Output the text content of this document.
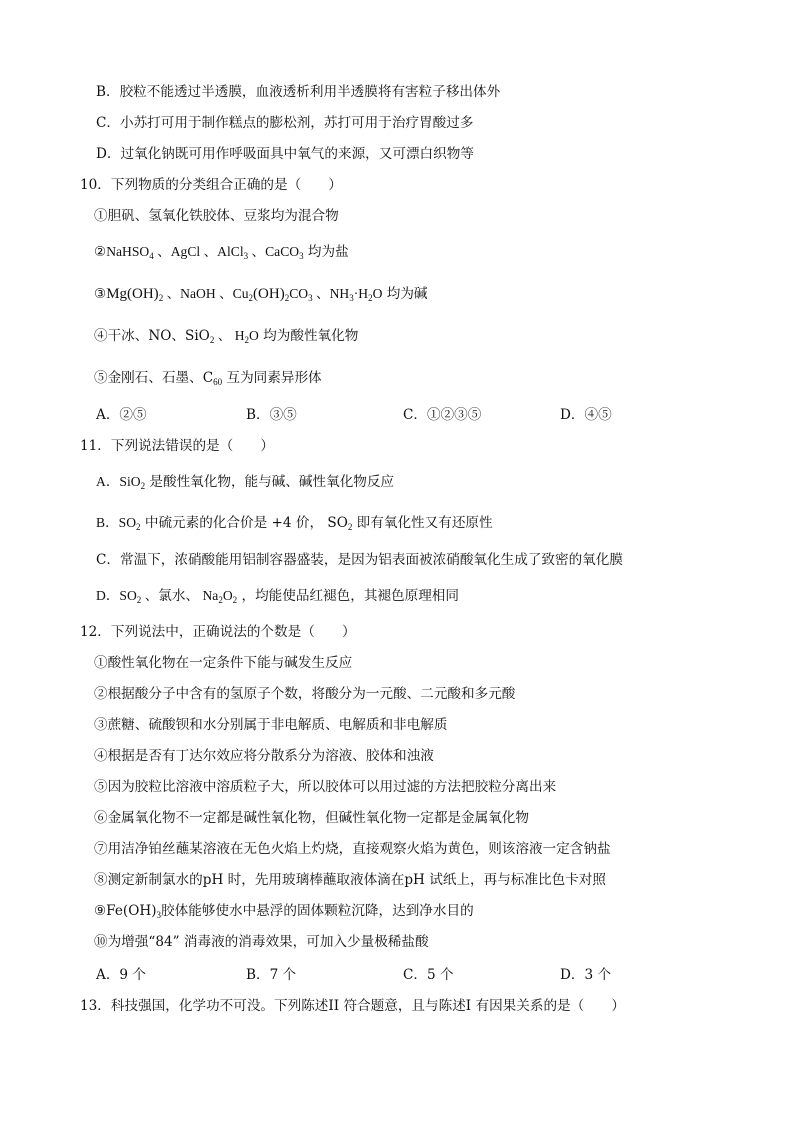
B．胶粒不能透过半透膜，血液透析利用半透膜将有害粒子移出体外
C．小苏打可用于制作糕点的膨松剂，苏打可用于治疗胃酸过多
D．过氧化钠既可用作呼吸面具中氧气的来源，又可漂白织物等
10．下列物质的分类组合正确的是（　　）
①胆矾、氢氧化铁胶体、豆浆均为混合物
②NaHSO$_4$ 、AgCl 、AlCl$_3$ 、CaCO$_3$ 均为盐
$③Mg(OH)_2$ 、NaOH 、$Cu_2(OH)_2CO_3$ 、$NH_3\cdot H_2O$ 均为碱
④干冰、NO、SiO$_2$ 、 $H_2O$ 均为酸性氧化物
⑤金刚石、石墨、$C_{60}$ 互为同素异形体
A．②⑤	B．③⑤	C．①②③⑤	D．④⑤
11．下列说法错误的是（　　）
A．SiO$_2$ 是酸性氧化物，能与碱、碱性氧化物反应
B．$SO_2$ 中硫元素的化合价是 +4 价， $SO_2$ 即有氧化性又有还原性
C．常温下，浓硝酸能用铝制容器盛装，是因为铝表面被浓硝酸氧化生成了致密的氧化膜
D．$SO_2$ 、氯水、 $Na_2O_2$ ，均能使品红褪色，其褪色原理相同
12．下列说法中，正确说法的个数是（　　）
①酸性氧化物在一定条件下能与碱发生反应
②根据酸分子中含有的氢原子个数，将酸分为一元酸、二元酸和多元酸
③蔗糖、硫酸钡和水分别属于非电解质、电解质和非电解质
④根据是否有丁达尔效应将分散系分为溶液、胶体和浊液
⑤因为胶粒比溶液中溶质粒子大，所以胶体可以用过滤的方法把胶粒分离出来
⑥金属氧化物不一定都是碱性氧化物，但碱性氧化物一定都是金属氧化物
⑦用洁净铂丝蘸某溶液在无色火焰上灼烧，直接观察火焰为黄色，则该溶液一定含钠盐
⑧测定新制氯水的pH 时，先用玻璃棒蘸取液体滴在pH 试纸上，再与标准比色卡对照
$⑨Fe(OH)_3$胶体能够使水中悬浮的固体颗粒沉降，达到净水目的
⑩为增强“84” 消毒液的消毒效果，可加入少量极稀盐酸
A．9 个	B．7 个	C．5 个	D．3 个
13．科技强国，化学功不可没。下列陈述II 符合题意，且与陈述I 有因果关系的是（　　）
